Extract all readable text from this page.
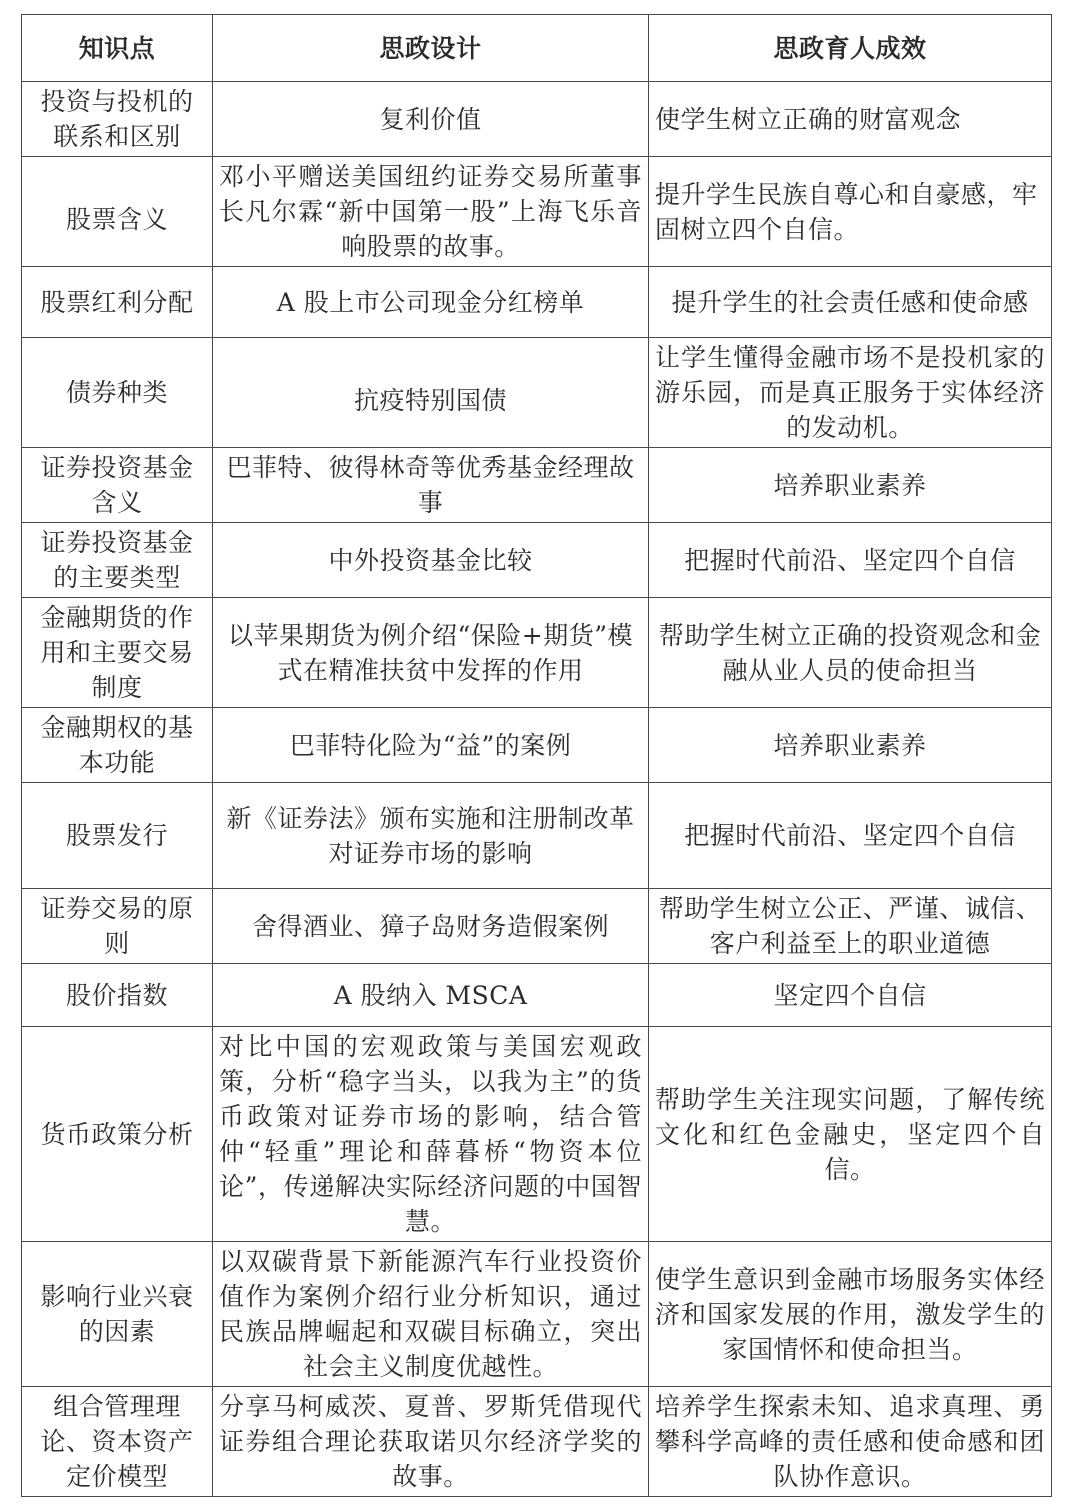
知识点	思政设计	思政育人成效
投资与投机的联系和区别	复利价值	使学生树立正确的财富观念
股票含义	邓小平赠送美国纽约证券交易所董事长凡尔霖“新中国第一股”上海飞乐音响股票的故事。	提升学生民族自尊心和自豪感，牢固树立四个自信。
股票红利分配	A 股上市公司现金分红榜单	提升学生的社会责任感和使命感
债券种类	抗疫特别国债	让学生懂得金融市场不是投机家的游乐园，而是真正服务于实体经济的发动机。
证券投资基金含义	巴菲特、彼得林奇等优秀基金经理故事	培养职业素养
证券投资基金的主要类型	中外投资基金比较	把握时代前沿、坚定四个自信
金融期货的作用和主要交易制度	以苹果期货为例介绍“保险+期货”模式在精准扶贫中发挥的作用	帮助学生树立正确的投资观念和金融从业人员的使命担当
金融期权的基本功能	巴菲特化险为“益”的案例	培养职业素养
股票发行	新《证券法》颁布实施和注册制改革对证券市场的影响	把握时代前沿、坚定四个自信
证券交易的原则	舍得酒业、獐子岛财务造假案例	帮助学生树立公正、严谨、诚信、客户利益至上的职业道德
股价指数	A 股纳入 MSCA	坚定四个自信
货币政策分析	对比中国的宏观政策与美国宏观政策，分析“稳字当头，以我为主”的货币政策对证券市场的影响，结合管仲“轻重”理论和薛暮桥“物资本位论”，传递解决实际经济问题的中国智慧。	帮助学生关注现实问题，了解传统文化和红色金融史，坚定四个自信。
影响行业兴衰的因素	以双碳背景下新能源汽车行业投资价值作为案例介绍行业分析知识，通过民族品牌崛起和双碳目标确立，突出社会主义制度优越性。	使学生意识到金融市场服务实体经济和国家发展的作用，激发学生的家国情怀和使命担当。
组合管理理论、资本资产定价模型	分享马柯威茨、夏普、罗斯凭借现代证券组合理论获取诺贝尔经济学奖的故事。	培养学生探索未知、追求真理、勇攀科学高峰的责任感和使命感和团队协作意识。
